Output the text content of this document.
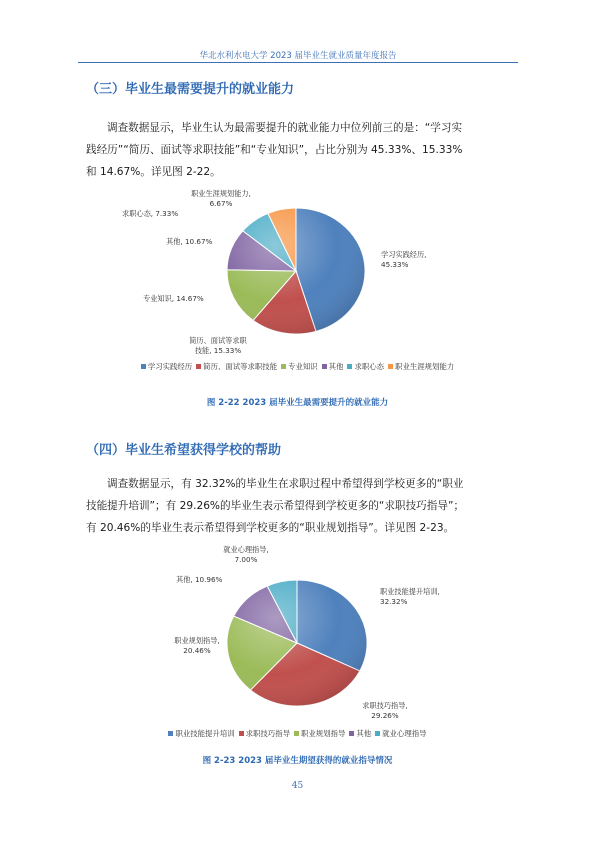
华北水利水电大学 2023 届毕业生就业质量年度报告
（三）毕业生最需要提升的就业能力
调查数据显示，毕业生认为最需要提升的就业能力中位列前三的是：“学习实
践经历”“简历、面试等求职技能”和“专业知识”，占比分别为 45.33%、15.33%
和 14.67%。详见图 2-22。
学习实践经历, 45.33%
简历、面试等求职技能, 15.33%
专业知识, 14.67%
其他, 10.67%
求职心态, 7.33%
职业生涯规划能力, 6.67%
职业技能提升培训, 32.32%
求职技巧指导, 29.26%
职业规划指导, 20.46%
其他, 10.96%
就业心理指导, 7.00%
学习实践经历 简历、面试等求职技能 专业知识 其他 求职心态 职业生涯规划能力
图 2-22 2023 届毕业生最需要提升的就业能力
（四）毕业生希望获得学校的帮助
调查数据显示，有 32.32%的毕业生在求职过程中希望得到学校更多的“职业
技能提升培训”；有 29.26%的毕业生表示希望得到学校更多的“求职技巧指导”；
有 20.46%的毕业生表示希望得到学校更多的“职业规划指导”。详见图 2-23。
职业技能提升培训 求职技巧指导 职业规划指导 其他 就业心理指导
图 2-23 2023 届毕业生期望获得的就业指导情况
45
